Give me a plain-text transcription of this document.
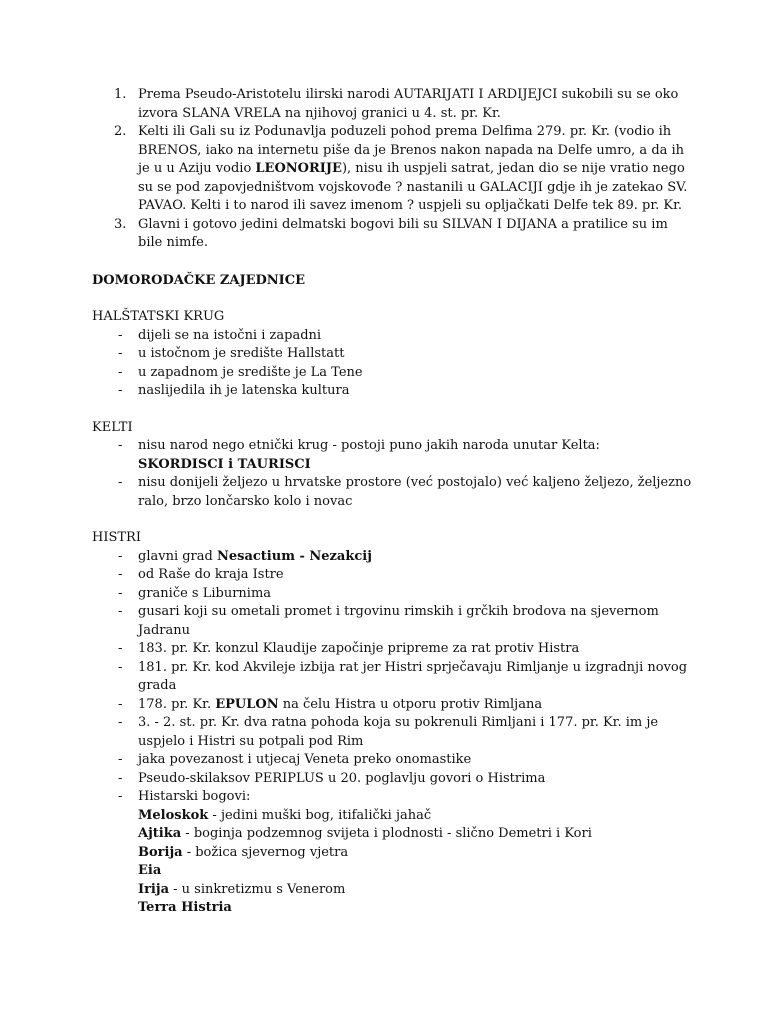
1. Prema Pseudo-Aristotelu ilirski narodi AUTARIJATI I ARDIJEJCI sukobili su se oko izvora SLANA VRELA na njihovoj granici u 4. st. pr. Kr.
2. Kelti ili Gali su iz Podunavlja poduzeli pohod prema Delfima 279. pr. Kr. (vodio ih BRENOS, iako na internetu piše da je Brenos nakon napada na Delfe umro, a da ih je u u Aziju vodio LEONORIJE), nisu ih uspjeli satrat, jedan dio se nije vratio nego su se pod zapovjedništvom vojskovođe ? nastanili u GALACIJI gdje ih je zatekao SV. PAVAO. Kelti i to narod ili savez imenom ? uspjeli su opljačkati Delfe tek 89. pr. Kr.
3. Glavni i gotovo jedini delmatski bogovi bili su SILVAN I DIJANA a pratilice su im bile nimfe.
DOMORODAČKE ZAJEDNICE
HALŠTATSKI KRUG
- dijeli se na istočni i zapadni
- u istočnom je središte Hallstatt
- u zapadnom je središte je La Tene
- naslijedila ih je latenska kultura
KELTI
- nisu narod nego etnički krug - postoji puno jakih naroda unutar Kelta:
SKORDISCI i TAURISCI
- nisu donijeli željezo u hrvatske prostore (već postojalo) već kaljeno željezo, željezno ralo, brzo lončarsko kolo i novac
HISTRI
- glavni grad Nesactium - Nezakcij
- od Raše do kraja Istre
- graniče s Liburnima
- gusari koji su ometali promet i trgovinu rimskih i grčkih brodova na sjevernom Jadranu
- 183. pr. Kr. konzul Klaudije započinje pripreme za rat protiv Histra
- 181. pr. Kr. kod Akvileje izbija rat jer Histri sprječavaju Rimljanje u izgradnji novog grada
- 178. pr. Kr. EPULON na čelu Histra u otporu protiv Rimljana
- 3. - 2. st. pr. Kr. dva ratna pohoda koja su pokrenuli Rimljani i 177. pr. Kr. im je uspjelo i Histri su potpali pod Rim
- jaka povezanost i utjecaj Veneta preko onomastike
- Pseudo-skilaksov PERIPLUS u 20. poglavlju govori o Histrima
- Histarski bogovi:
Meloskok - jedini muški bog, itifalički jahač
Ajtika - boginja podzemnog svijeta i plodnosti - slično Demetri i Kori
Borija - božica sjevernog vjetra
Eia
Irija - u sinkretizmu s Venerom
Terra Histria
